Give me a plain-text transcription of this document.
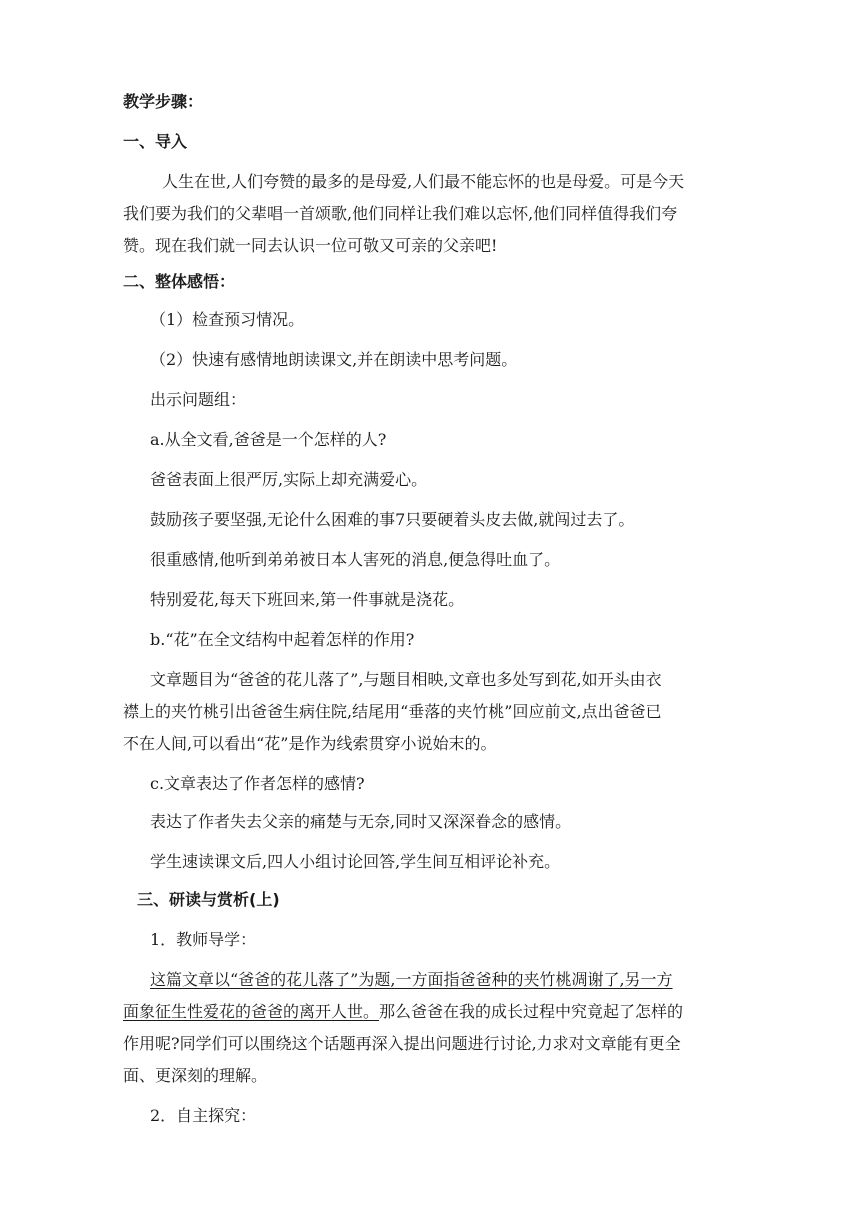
教学步骤：
一、导入
人生在世,人们夸赞的最多的是母爱,人们最不能忘怀的也是母爱。可是今天
我们要为我们的父辈唱一首颂歌,他们同样让我们难以忘怀,他们同样值得我们夸
赞。现在我们就一同去认识一位可敬又可亲的父亲吧!
二、整体感悟：
（1）检查预习情况。
（2）快速有感情地朗读课文,并在朗读中思考问题。
出示问题组：
a.从全文看,爸爸是一个怎样的人?
爸爸表面上很严厉,实际上却充满爱心。
鼓励孩子要坚强,无论什么困难的事7只要硬着头皮去做,就闯过去了。
很重感情,他听到弟弟被日本人害死的消息,便急得吐血了。
特别爱花,每天下班回来,第一件事就是浇花。
b.“花”在全文结构中起着怎样的作用?
文章题目为“爸爸的花儿落了”,与题目相映,文章也多处写到花,如开头由衣
襟上的夹竹桃引出爸爸生病住院,结尾用“垂落的夹竹桃”回应前文,点出爸爸已
不在人间,可以看出“花”是作为线索贯穿小说始末的。
c.文章表达了作者怎样的感情?
表达了作者失去父亲的痛楚与无奈,同时又深深眷念的感情。
学生速读课文后,四人小组讨论回答,学生间互相评论补充。
三、研读与赏析(上)
1．教师导学：
这篇文章以“爸爸的花儿落了”为题,一方面指爸爸种的夹竹桃凋谢了,另一方
面象征生性爱花的爸爸的离开人世。那么爸爸在我的成长过程中究竟起了怎样的
作用呢?同学们可以围绕这个话题再深入提出问题进行讨论,力求对文章能有更全
面、更深刻的理解。
2．自主探究：
